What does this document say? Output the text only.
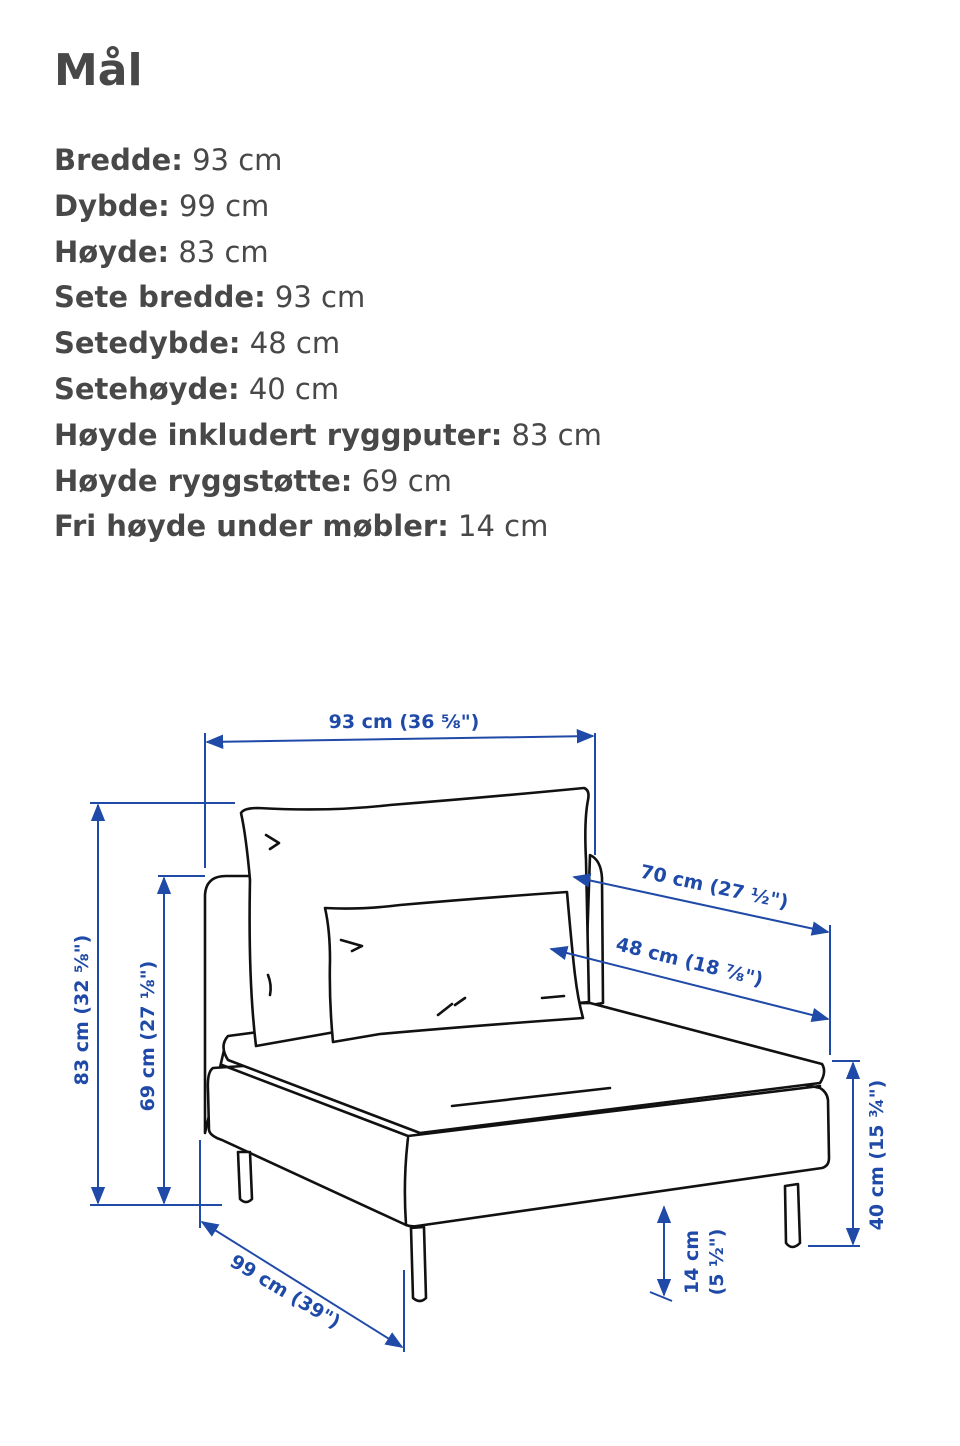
Mål
Bredde: 93 cm
Dybde: 99 cm
Høyde: 83 cm
Sete bredde: 93 cm
Setedybde: 48 cm
Setehøyde: 40 cm
Høyde inkludert ryggputer: 83 cm
Høyde ryggstøtte: 69 cm
Fri høyde under møbler: 14 cm
93 cm (36 ⅝")
83 cm (32 ⅝") 69 cm (27 ⅛")
99 cm (39")
70 cm (27 ½")
48 cm (18 ⅞")
40 cm (15 ¾")
14 cm (5 ½")
